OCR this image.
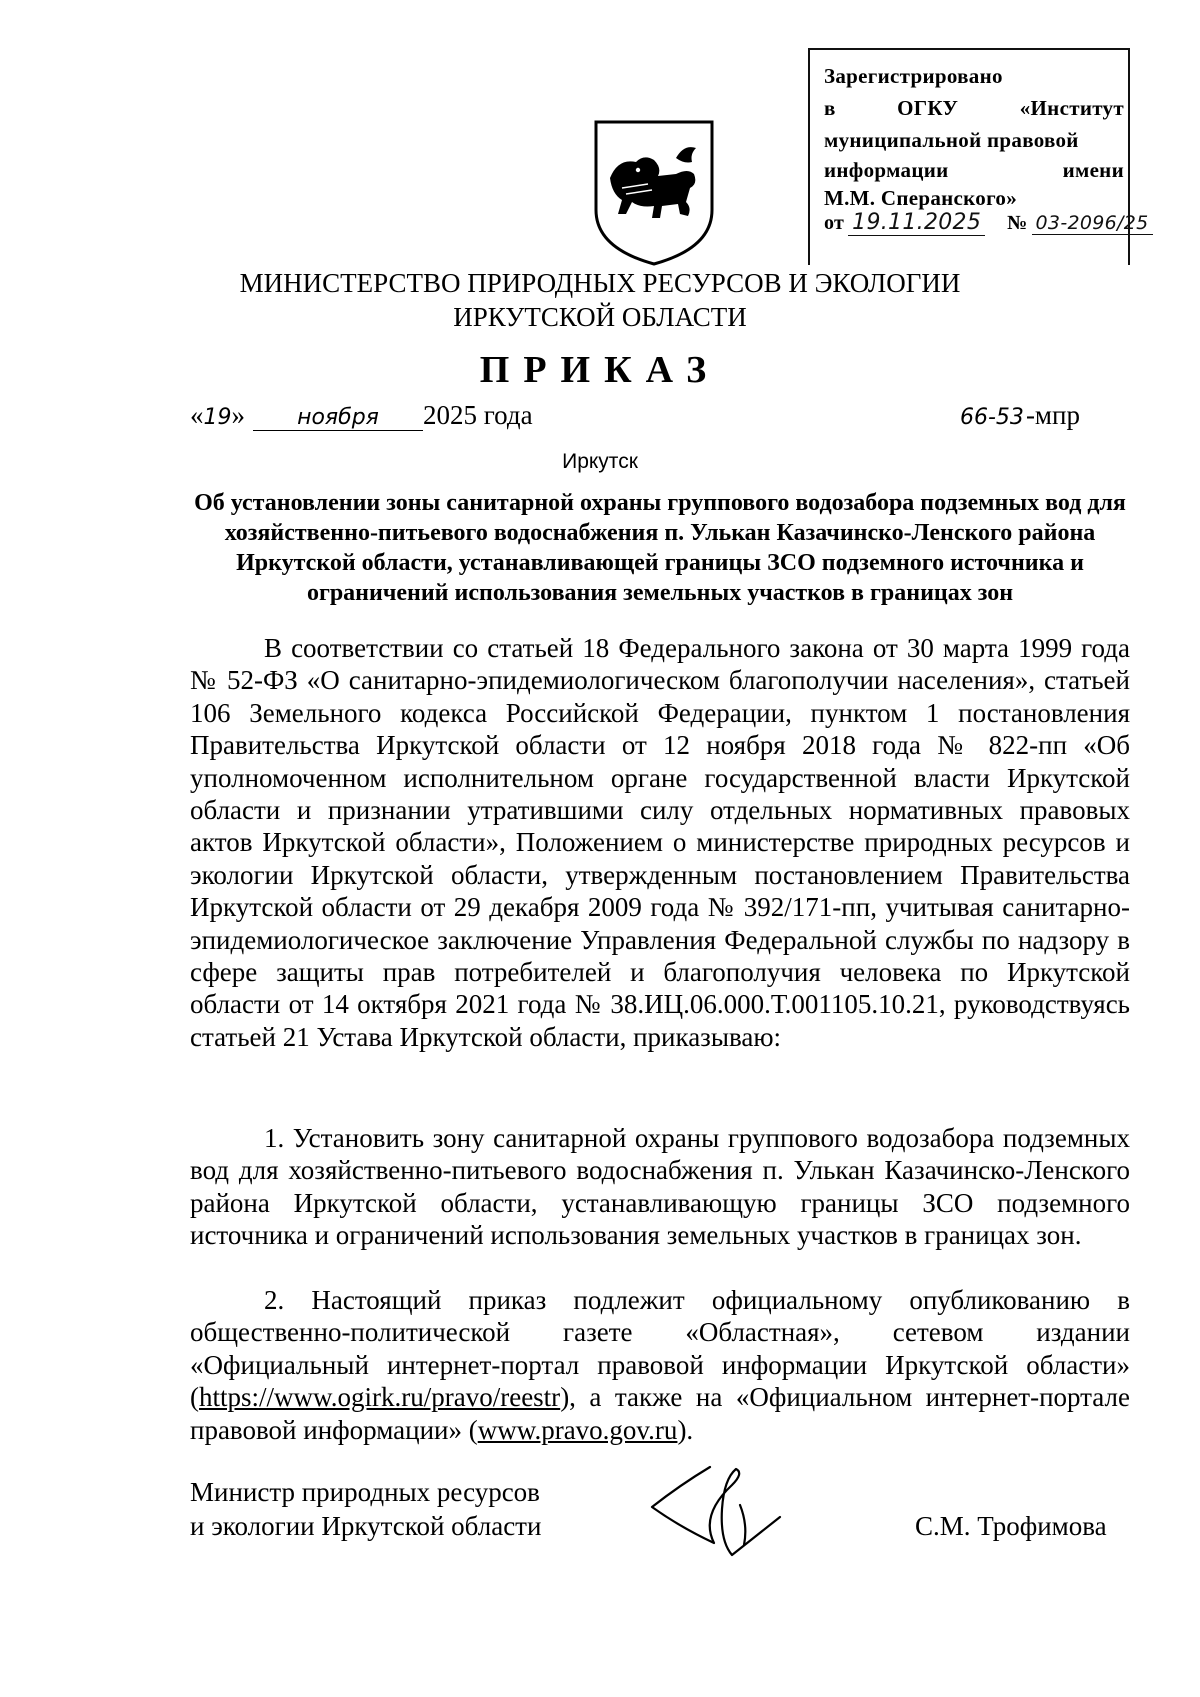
Зарегистрировано
в	ОГКУ	«Институт
муниципальной правовой
информации	имени
М.М. Сперанского»
от 19.11.2025 № 03-2096/25
МИНИСТЕРСТВО ПРИРОДНЫХ РЕСУРСОВ И ЭКОЛОГИИ
ИРКУТСКОЙ ОБЛАСТИ
ПРИКАЗ
« 19 »	ноября	2025 года	66-53 -мпр
Иркутск
Об установлении зоны санитарной охраны группового водозабора подземных вод для хозяйственно-питьевого водоснабжения п. Улькан Казачинско-Ленского района Иркутской области, устанавливающей границы ЗСО подземного источника и ограничений использования земельных участков в границах зон
В соответствии со статьей 18 Федерального закона от 30 марта 1999 года № 52-ФЗ «О санитарно-эпидемиологическом благополучии населения», статьей 106 Земельного кодекса Российской Федерации, пунктом 1 постановления Правительства Иркутской области от 12 ноября 2018 года № 822-пп «Об уполномоченном исполнительном органе государственной власти Иркутской области и признании утратившими силу отдельных нормативных правовых актов Иркутской области», Положением о министерстве природных ресурсов и экологии Иркутской области, утвержденным постановлением Правительства Иркутской области от 29 декабря 2009 года № 392/171-пп, учитывая санитарно-эпидемиологическое заключение Управления Федеральной службы по надзору в сфере защиты прав потребителей и благополучия человека по Иркутской области от 14 октября 2021 года № 38.ИЦ.06.000.Т.001105.10.21, руководствуясь статьей 21 Устава Иркутской области, приказываю:
1. Установить зону санитарной охраны группового водозабора подземных вод для хозяйственно-питьевого водоснабжения п. Улькан Казачинско-Ленского района Иркутской области, устанавливающую границы ЗСО подземного источника и ограничений использования земельных участков в границах зон.
2. Настоящий приказ подлежит официальному опубликованию в общественно-политической газете «Областная», сетевом издании «Официальный интернет-портал правовой информации Иркутской области» (https://www.ogirk.ru/pravo/reestr), а также на «Официальном интернет-портале правовой информации» (www.pravo.gov.ru).
Министр природных ресурсов
и экологии Иркутской области	С.М. Трофимова
